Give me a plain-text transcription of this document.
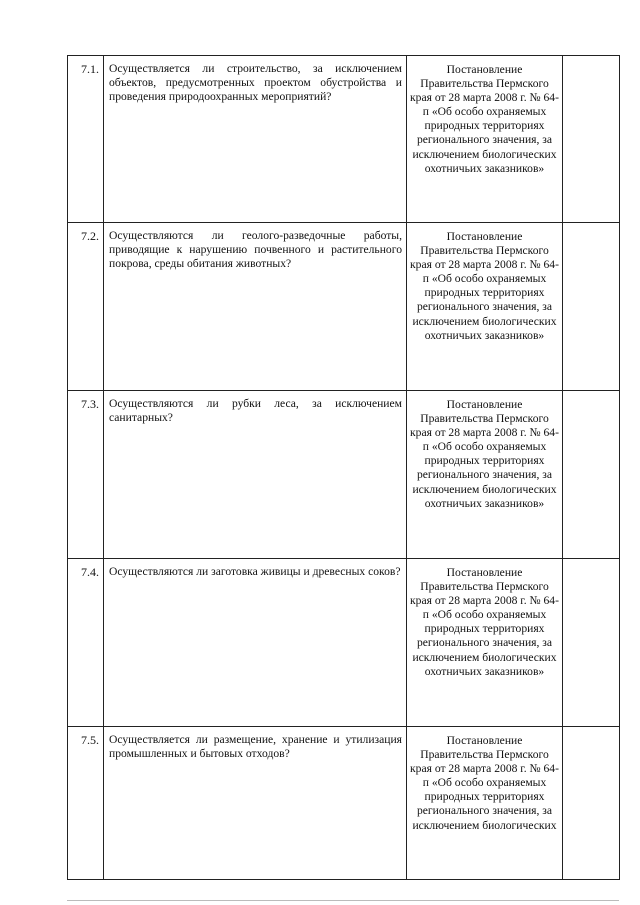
7.1.	Осуществляется ли строительство, за исключением объектов, предусмотренных проектом обустройства и проведения природоохранных мероприятий?	Постановление Правительства Пермского края от 28 марта 2008 г. № 64-п «Об особо охраняемых природных территориях регионального значения, за исключением биологических охотничьих заказников»	
7.2.	Осуществляются ли геолого-разведочные работы, приводящие к нарушению почвенного и растительного покрова, среды обитания животных?	Постановление Правительства Пермского края от 28 марта 2008 г. № 64-п «Об особо охраняемых природных территориях регионального значения, за исключением биологических охотничьих заказников»	
7.3.	Осуществляются ли рубки леса, за исключением санитарных?	Постановление Правительства Пермского края от 28 марта 2008 г. № 64-п «Об особо охраняемых природных территориях регионального значения, за исключением биологических охотничьих заказников»	
7.4.	Осуществляются ли заготовка живицы и древесных соков?	Постановление Правительства Пермского края от 28 марта 2008 г. № 64-п «Об особо охраняемых природных территориях регионального значения, за исключением биологических охотничьих заказников»	
7.5.	Осуществляется ли размещение, хранение и утилизация промышленных и бытовых отходов?	Постановление Правительства Пермского края от 28 марта 2008 г. № 64-п «Об особо охраняемых природных территориях регионального значения, за исключением биологических	
